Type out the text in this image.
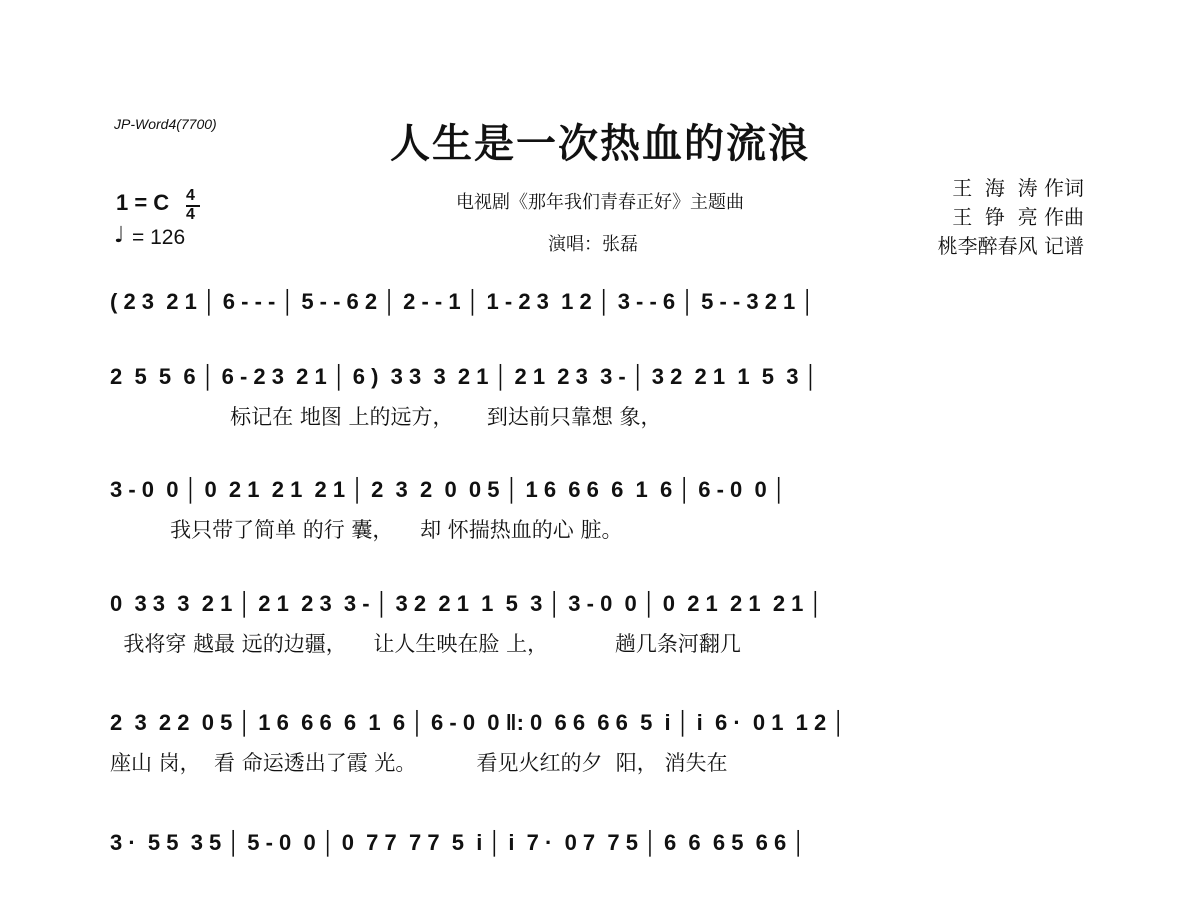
JP-Word4(7700)	人生是一次热血的流浪
电视剧《那年我们青春正好》主题曲
演唱：张磊
王  海  涛 作词
王  铮  亮 作曲
桃李醉春风 记谱
1 = C 4
4
♩ = 126
( 2 3  2 1 │ 6 - - - │ 5 - - 6 2 │ 2 - - 1 │ 1 - 2 3  1 2 │ 3 - - 6 │ 5 - - 3 2 1 │
2  5  5  6 │ 6 - 2 3  2 1 │ 6 )  3 3  3  2 1 │ 2 1  2 3  3 - │ 3 2  2 1  1  5  3 │
标记在 地图 上的远方，     到达前只靠想 象，
3 - 0  0 │ 0  2 1  2 1  2 1 │ 2  3  2  0  0 5 │ 1 6  6 6  6  1  6 │ 6 - 0  0 │
我只带了简单 的行 囊，    却 怀揣热血的心 脏。
0  3 3  3  2 1 │ 2 1  2 3  3 - │ 3 2  2 1  1  5  3 │ 3 - 0  0 │ 0  2 1  2 1  2 1 │
我将穿 越最 远的边疆，    让人生映在脸 上，          趟几条河翻几
2  3  2 2  0 5 │ 1 6  6 6  6  1  6 │ 6 - 0  0 ‖: 0  6 6  6 6  5  i │ i  6 ·  0 1  1 2 │
座山 岗，  看 命运透出了霞 光。         看见火红的夕  阳， 消失在
3 ·  5 5  3 5 │ 5 - 0  0 │ 0  7 7  7 7  5  i │ i  7 ·  0 7  7 5 │ 6  6  6 5  6 6 │
